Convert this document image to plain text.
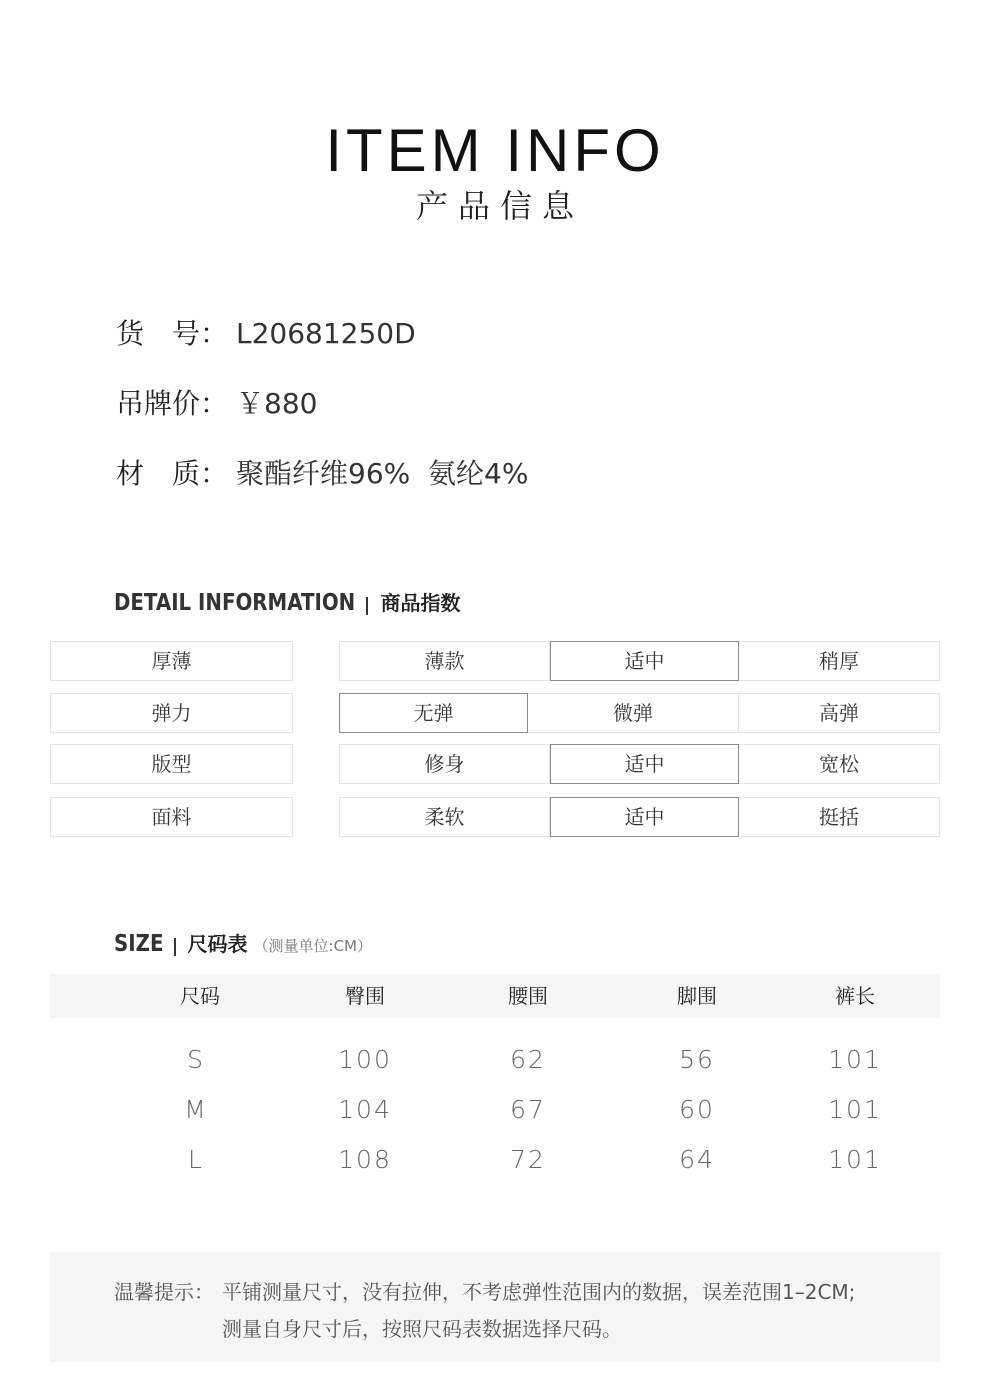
ITEM INFO
产品信息
货　号： L20681250D
吊牌价： ￥880
材　质： 聚酯纤维96%  氨纶4%
DETAIL INFORMATION 商品指数
厚薄	薄款	适中	稍厚
弹力	无弹	微弹	高弹
版型	修身	适中	宽松
面料	柔软	适中	挺括
SIZE 尺码表 （测量单位:CM）
尺码	臀围	腰围	脚围	裤长
S	100	62	56	101
M	104	67	60	101
L	108	72	64	101
温馨提示： 平铺测量尺寸，没有拉伸，不考虑弹性范围内的数据，误差范围1–2CM;
测量自身尺寸后，按照尺码表数据选择尺码。
